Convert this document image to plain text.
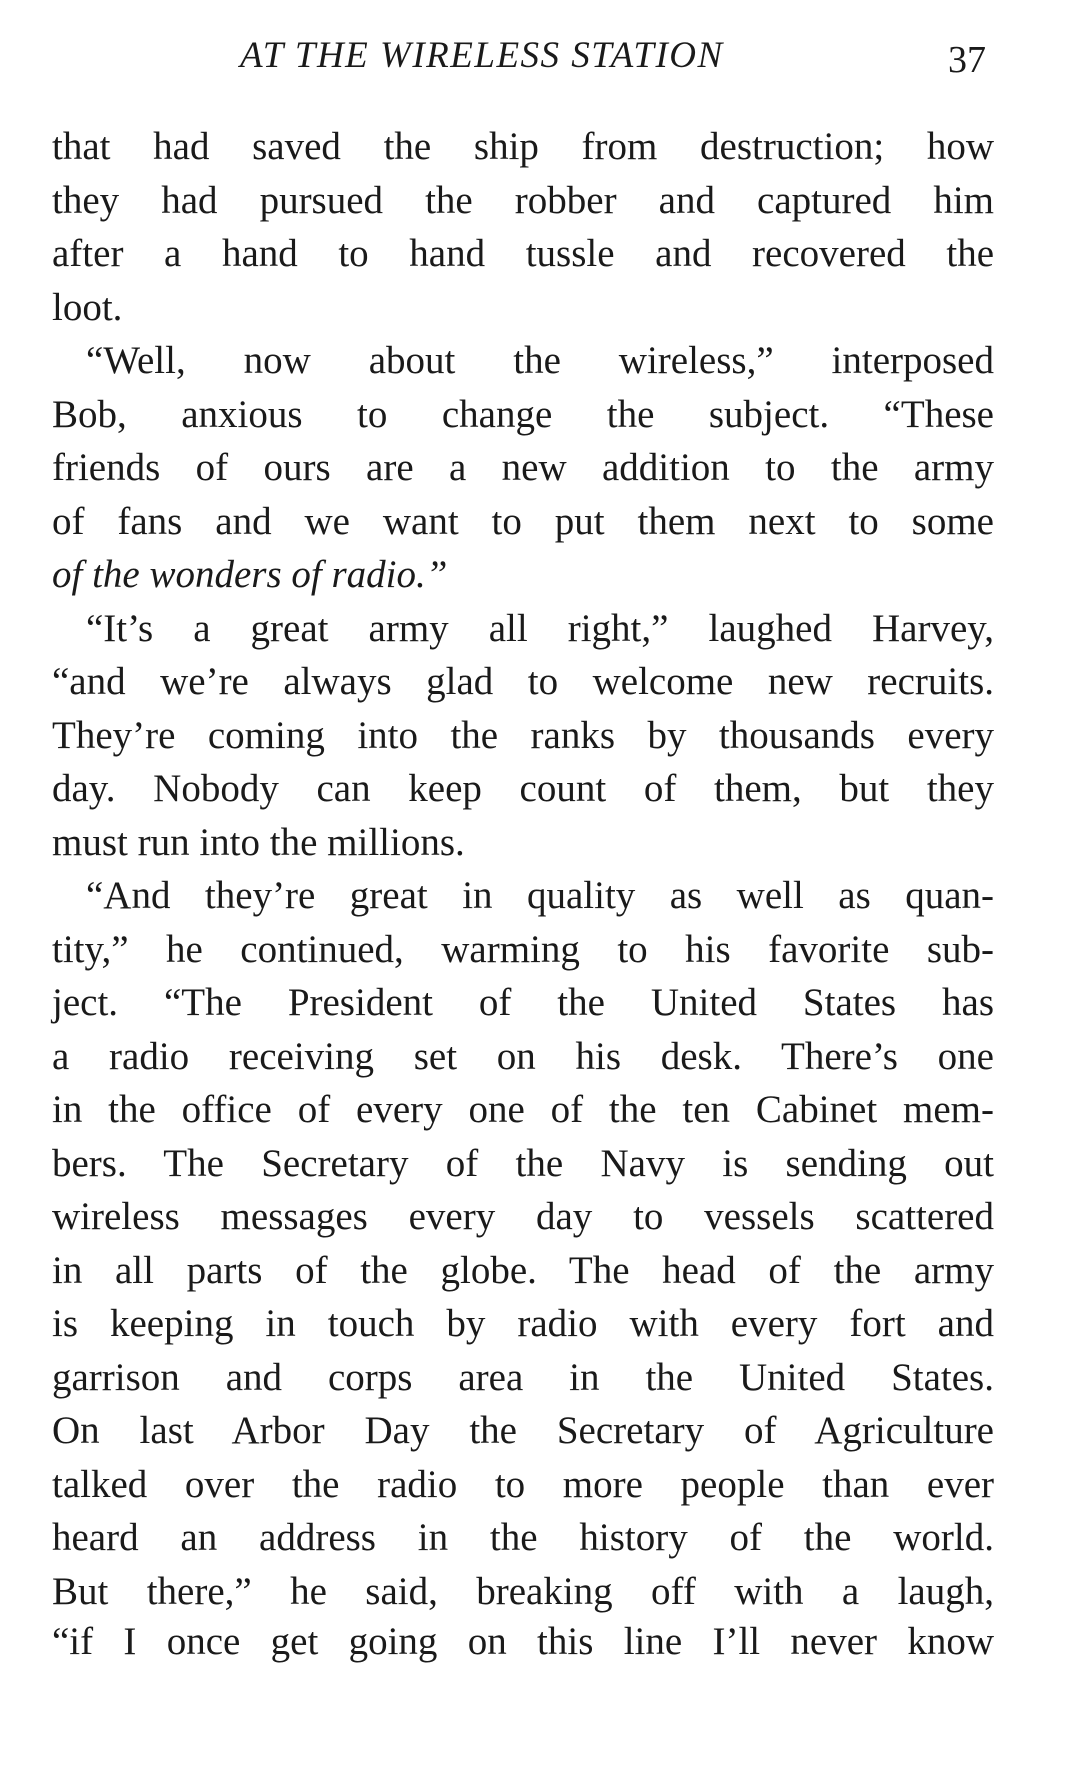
AT THE WIRELESS STATION	37
that had saved the ship from destruction; how
they had pursued the robber and captured him
after a hand to hand tussle and recovered the
loot.
“Well, now about the wireless,” interposed
Bob, anxious to change the subject. “These
friends of ours are a new addition to the army
of fans and we want to put them next to some
of the wonders of radio.”
“It’s a great army all right,” laughed Harvey,
“and we’re always glad to welcome new recruits.
They’re coming into the ranks by thousands every
day. Nobody can keep count of them, but they
must run into the millions.
“And they’re great in quality as well as quan-
tity,” he continued, warming to his favorite sub-
ject. “The President of the United States has
a radio receiving set on his desk. There’s one
in the office of every one of the ten Cabinet mem-
bers. The Secretary of the Navy is sending out
wireless messages every day to vessels scattered
in all parts of the globe. The head of the army
is keeping in touch by radio with every fort and
garrison and corps area in the United States.
On last Arbor Day the Secretary of Agriculture
talked over the radio to more people than ever
heard an address in the history of the world.
But there,” he said, breaking off with a laugh,
“if I once get going on this line I’ll never know
